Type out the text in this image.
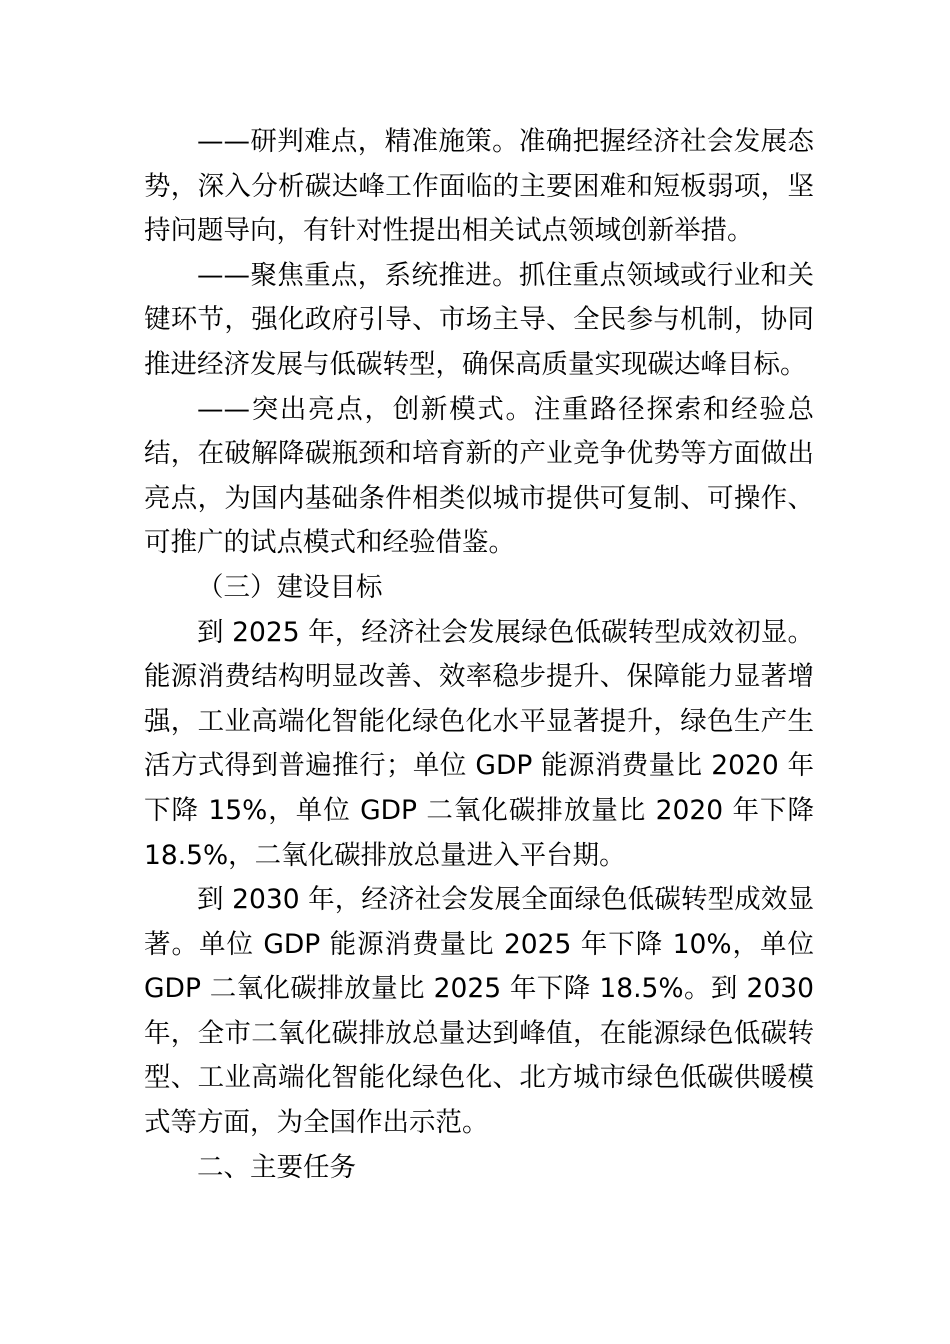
——研判难点，精准施策。准确把握经济社会发展态势，深入分析碳达峰工作面临的主要困难和短板弱项，坚持问题导向，有针对性提出相关试点领域创新举措。

——聚焦重点，系统推进。抓住重点领域或行业和关键环节，强化政府引导、市场主导、全民参与机制，协同推进经济发展与低碳转型，确保高质量实现碳达峰目标。

——突出亮点，创新模式。注重路径探索和经验总结，在破解降碳瓶颈和培育新的产业竞争优势等方面做出亮点，为国内基础条件相类似城市提供可复制、可操作、可推广的试点模式和经验借鉴。

（三）建设目标

到 2025 年，经济社会发展绿色低碳转型成效初显。能源消费结构明显改善、效率稳步提升、保障能力显著增强，工业高端化智能化绿色化水平显著提升，绿色生产生活方式得到普遍推行；单位 GDP 能源消费量比 2020 年下降 15%，单位 GDP 二氧化碳排放量比 2020 年下降 18.5%，二氧化碳排放总量进入平台期。

到 2030 年，经济社会发展全面绿色低碳转型成效显著。单位 GDP 能源消费量比 2025 年下降 10%，单位 GDP 二氧化碳排放量比 2025 年下降 18.5%。到 2030 年，全市二氧化碳排放总量达到峰值，在能源绿色低碳转型、工业高端化智能化绿色化、北方城市绿色低碳供暖模式等方面，为全国作出示范。

二、主要任务
